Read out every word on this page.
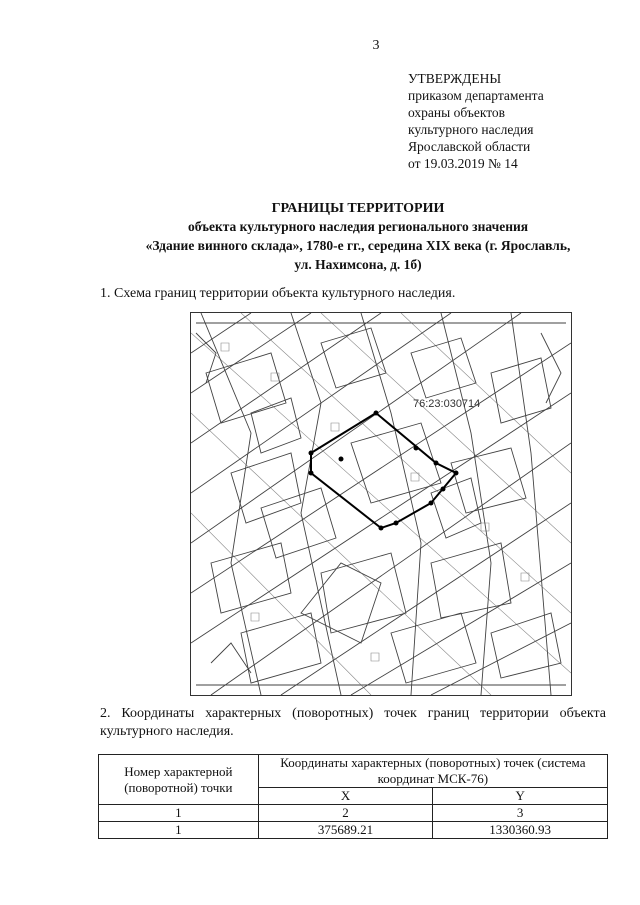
3
УТВЕРЖДЕНЫ
приказом департамента
охраны объектов
культурного наследия
Ярославской области
от 19.03.2019 № 14
ГРАНИЦЫ ТЕРРИТОРИИ
объекта культурного наследия регионального значения
«Здание винного склада», 1780-е гг., середина XIX века (г. Ярославль,
ул. Нахимсона, д. 1б)
1. Схема границ территории объекта культурного наследия.
76:23:030714
2. Координаты характерных (поворотных) точек границ территории объекта культурного наследия.
Номер характерной (поворотной) точки	Координаты характерных (поворотных) точек (система координат МСК-76)	
	X	Y
1	2	3
1	375689.21	1330360.93
